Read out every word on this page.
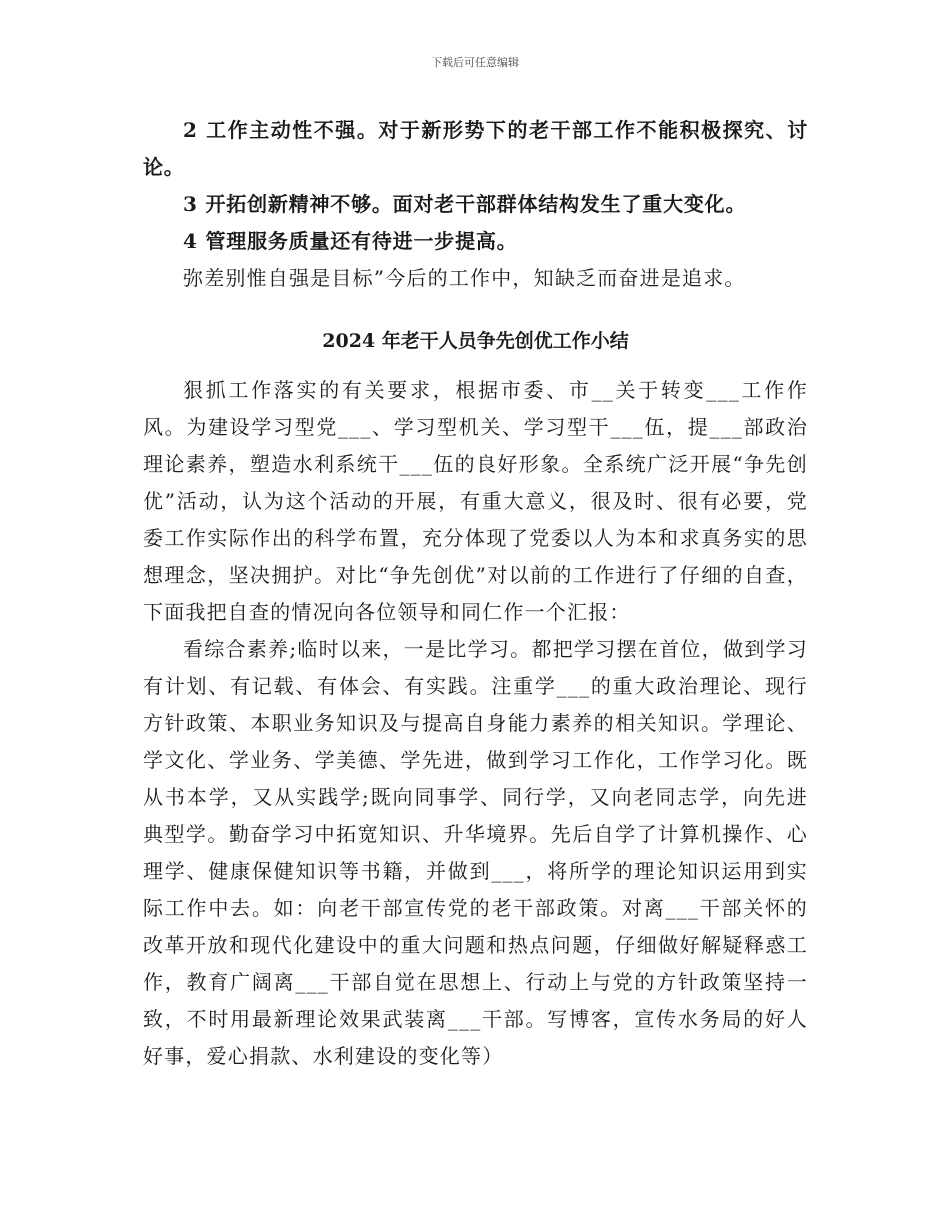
下载后可任意编辑

2 工作主动性不强。对于新形势下的老干部工作不能积极探究、讨论。

3 开拓创新精神不够。面对老干部群体结构发生了重大变化。

4 管理服务质量还有待进一步提高。

弥差别惟自强是目标”今后的工作中，知缺乏而奋进是追求。

2024 年老干人员争先创优工作小结

狠抓工作落实的有关要求，根据市委、市__关于转变___工作作风。为建设学习型党___、学习型机关、学习型干___伍，提___部政治理论素养，塑造水利系统干___伍的良好形象。全系统广泛开展“争先创优”活动，认为这个活动的开展，有重大意义，很及时、很有必要，党委工作实际作出的科学布置，充分体现了党委以人为本和求真务实的思想理念，坚决拥护。对比“争先创优”对以前的工作进行了仔细的自查，下面我把自查的情况向各位领导和同仁作一个汇报：

看综合素养;临时以来，一是比学习。都把学习摆在首位，做到学习有计划、有记载、有体会、有实践。注重学___的重大政治理论、现行方针政策、本职业务知识及与提高自身能力素养的相关知识。学理论、学文化、学业务、学美德、学先进，做到学习工作化，工作学习化。既从书本学，又从实践学;既向同事学、同行学，又向老同志学，向先进典型学。勤奋学习中拓宽知识、升华境界。先后自学了计算机操作、心理学、健康保健知识等书籍，并做到___，将所学的理论知识运用到实际工作中去。如：向老干部宣传党的老干部政策。对离___干部关怀的改革开放和现代化建设中的重大问题和热点问题，仔细做好解疑释惑工作，教育广阔离___干部自觉在思想上、行动上与党的方针政策坚持一致，不时用最新理论效果武装离___干部。写博客，宣传水务局的好人好事，爱心捐款、水利建设的变化等）
